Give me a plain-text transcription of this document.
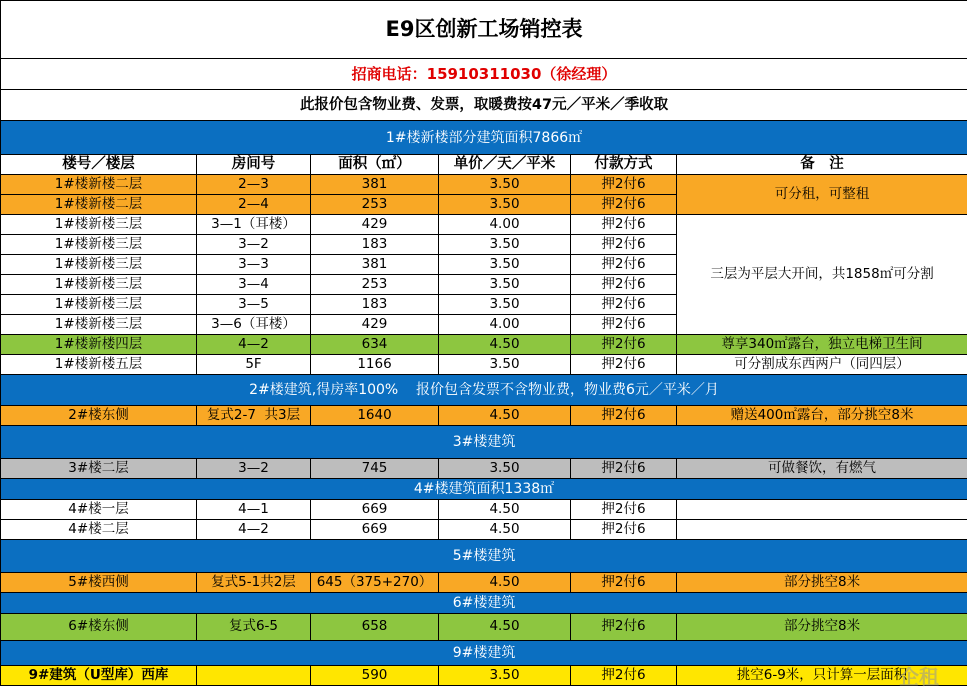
E9区创新工场销控表					
招商电话：15910311030（徐经理）					
此报价包含物业费、发票，取暖费按47元／平米／季收取					
1#楼新楼部分建筑面积7866㎡					
楼号／楼层	房间号	面积（㎡）	单价／天／平米	付款方式	备　注
1#楼新楼二层	2—3	381	3.50	押2付6	可分租，可整租
1#楼新楼二层	2—4	253	3.50	押2付6	
1#楼新楼三层	3—1（耳楼）	429	4.00	押2付6	三层为平层大开间，共1858㎡可分割
1#楼新楼三层	3—2	183	3.50	押2付6	
1#楼新楼三层	3—3	381	3.50	押2付6	
1#楼新楼三层	3—4	253	3.50	押2付6	
1#楼新楼三层	3—5	183	3.50	押2付6	
1#楼新楼三层	3—6（耳楼）	429	4.00	押2付6	
1#楼新楼四层	4—2	634	4.50	押2付6	尊享340㎡露台，独立电梯卫生间
1#楼新楼五层	5F	1166	3.50	押2付6	可分割成东西两户（同四层）
2#楼建筑,得房率100%    报价包含发票不含物业费，物业费6元／平米／月					
2#楼东侧	复式2-7  共3层	1640	4.50	押2付6	赠送400㎡露台，部分挑空8米
3#楼建筑					
3#楼二层	3—2	745	3.50	押2付6	可做餐饮，有燃气
4#楼建筑面积1338㎡					
4#楼一层	4—1	669	4.50	押2付6	
4#楼二层	4—2	669	4.50	押2付6	
5#楼建筑					
5#楼西侧	复式5-1共2层	645（375+270）	4.50	押2付6	部分挑空8米
6#楼建筑					
6#楼东侧	复式6-5	658	4.50	押2付6	部分挑空8米
9#楼建筑					
9#建筑（U型库）西库		590	3.50	押2付6	挑空6-9米，只计算一层面积
企租
